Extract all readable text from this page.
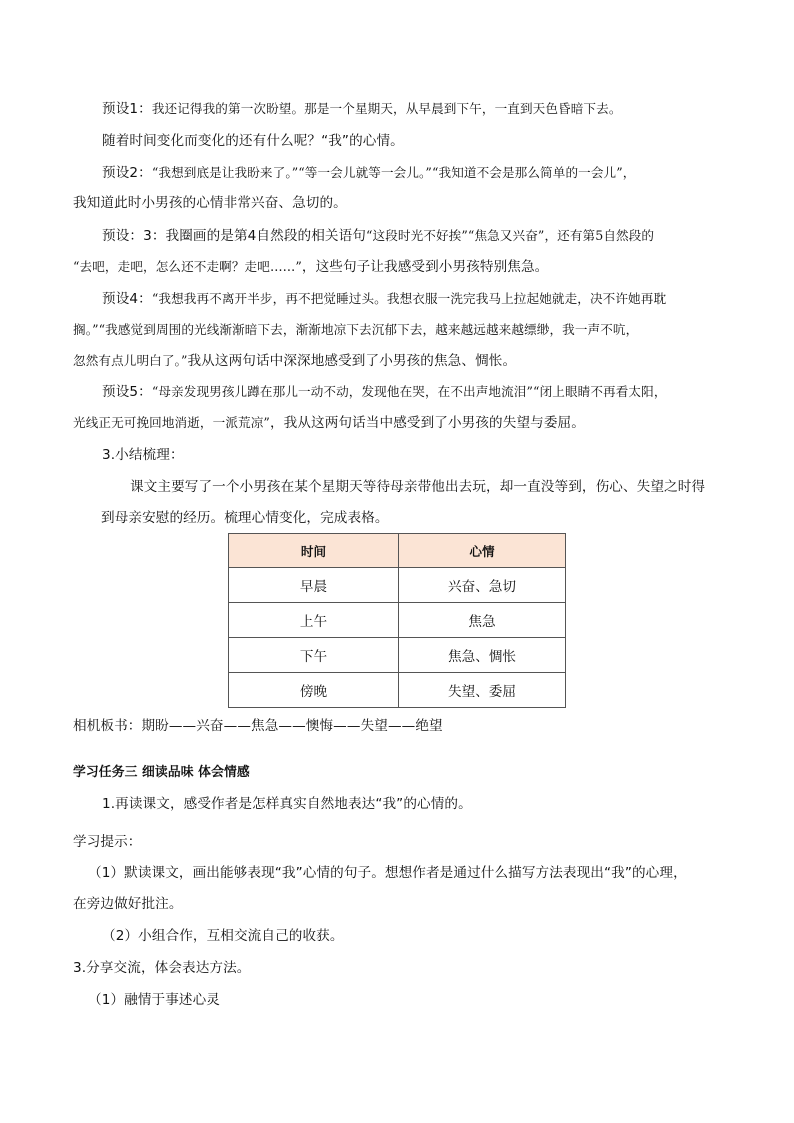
预设1：我还记得我的第一次盼望。那是一个星期天，从早晨到下午，一直到天色昏暗下去。
随着时间变化而变化的还有什么呢？“我”的心情。
预设2：“我想到底是让我盼来了。”“等一会儿就等一会儿。”“我知道不会是那么简单的一会儿”，
我知道此时小男孩的心情非常兴奋、急切的。
预设：3：我圈画的是第4自然段的相关语句“这段时光不好挨”“焦急又兴奋”，还有第5自然段的
“去吧，走吧，怎么还不走啊？走吧……”，这些句子让我感受到小男孩特别焦急。
预设4：“我想我再不离开半步，再不把觉睡过头。我想衣服一洗完我马上拉起她就走，决不许她再耽
搁。”“我感觉到周围的光线渐渐暗下去，渐渐地凉下去沉郁下去，越来越远越来越缥缈，我一声不吭，
忽然有点儿明白了。”我从这两句话中深深地感受到了小男孩的焦急、惆怅。
预设5：“母亲发现男孩儿蹲在那儿一动不动，发现他在哭，在不出声地流泪”“闭上眼睛不再看太阳，
光线正无可挽回地消逝，一派荒凉”，我从这两句话当中感受到了小男孩的失望与委屈。
3.小结梳理：
课文主要写了一个小男孩在某个星期天等待母亲带他出去玩，却一直没等到，伤心、失望之时得
到母亲安慰的经历。梳理心情变化，完成表格。
时间	心情
早晨	兴奋、急切
上午	焦急
下午	焦急、惆怅
傍晚	失望、委屈
相机板书：期盼——兴奋——焦急——懊悔——失望——绝望
学习任务三 细读品味 体会情感
1.再读课文，感受作者是怎样真实自然地表达“我”的心情的。
学习提示：
（1）默读课文，画出能够表现“我”心情的句子。想想作者是通过什么描写方法表现出“我”的心理，
在旁边做好批注。
（2）小组合作，互相交流自己的收获。
3.分享交流，体会表达方法。
（1）融情于事述心灵
